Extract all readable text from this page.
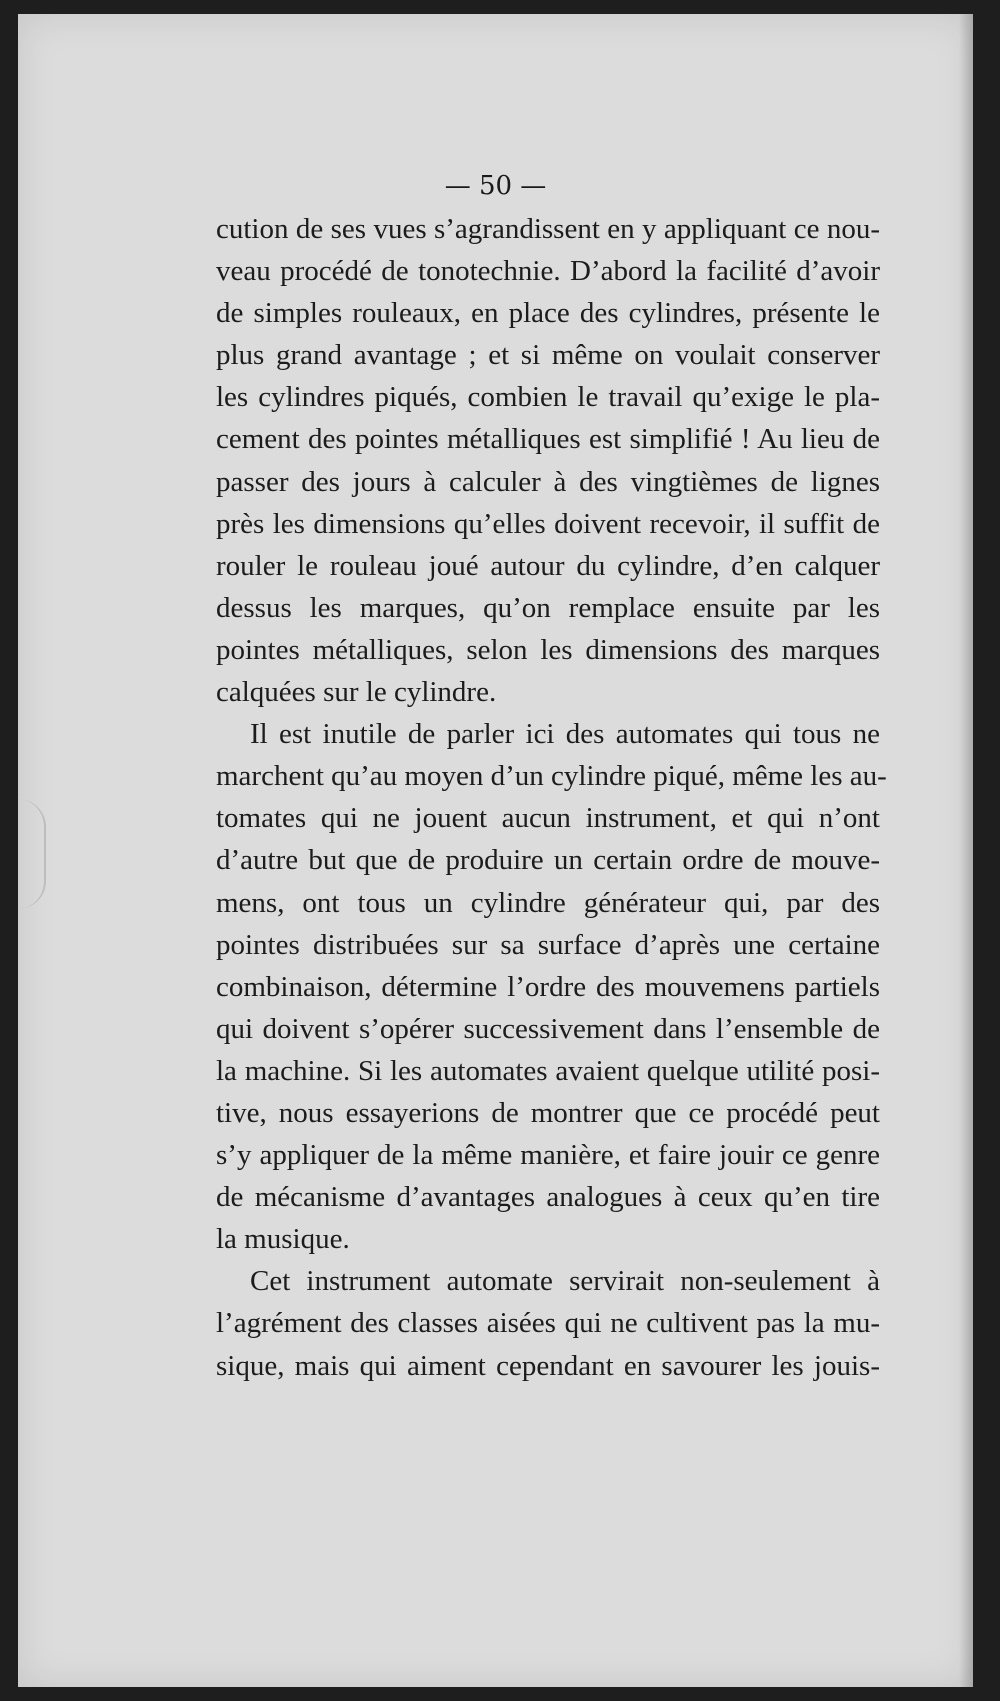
— 50 —
cution de ses vues s’agrandissent en y appliquant ce nou-
veau procédé de tonotechnie. D’abord la facilité d’avoir
de simples rouleaux, en place des cylindres, présente le
plus grand avantage ; et si même on voulait conserver
les cylindres piqués, combien le travail qu’exige le pla-
cement des pointes métalliques est simplifié ! Au lieu de
passer des jours à calculer à des vingtièmes de lignes
près les dimensions qu’elles doivent recevoir, il suffit de
rouler le rouleau joué autour du cylindre, d’en calquer
dessus les marques, qu’on remplace ensuite par les
pointes métalliques, selon les dimensions des marques
calquées sur le cylindre.
Il est inutile de parler ici des automates qui tous ne
marchent qu’au moyen d’un cylindre piqué, même les au-
tomates qui ne jouent aucun instrument, et qui n’ont
d’autre but que de produire un certain ordre de mouve-
mens, ont tous un cylindre générateur qui, par des
pointes distribuées sur sa surface d’après une certaine
combinaison, détermine l’ordre des mouvemens partiels
qui doivent s’opérer successivement dans l’ensemble de
la machine. Si les automates avaient quelque utilité posi-
tive, nous essayerions de montrer que ce procédé peut
s’y appliquer de la même manière, et faire jouir ce genre
de mécanisme d’avantages analogues à ceux qu’en tire
la musique.
Cet instrument automate servirait non-seulement à
l’agrément des classes aisées qui ne cultivent pas la mu-
sique, mais qui aiment cependant en savourer les jouis-
